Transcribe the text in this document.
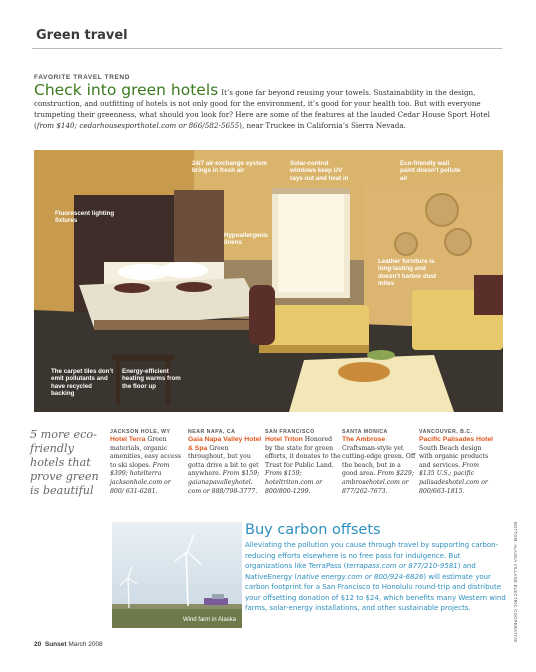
Green travel
FAVORITE TRAVEL TREND
Check into green hotels It’s gone far beyond reusing your towels. Sustainability in the design, construction, and outfitting of hotels is not only good for the environment, it’s good for your health too. But with everyone trumpeting their greenness, what should you look for? Here are some of the features at the lauded Cedar House Sport Hotel (from $140; cedarhousesporthotel.com or 866/582-5655), near Truckee in California’s Sierra Nevada.
24/7 air-exchange system brings in fresh air
Solar-control windows keep UV rays out and heat in
Eco-friendly wall paint doesn’t pollute air
Fluorescent lighting fixtures
Hypoallergenic linens
Leather furniture is long-lasting and doesn’t harbor dust mites
The carpet tiles don’t emit pollutants and have recycled backing
Energy-efficient heating warms from the floor up
5 more eco-friendly hotels that prove green is beautiful
JACKSON HOLE, WY
Hotel Terra Green materials, organic amenities, easy access to ski slopes. From $399; hotelterra jacksonhole.com or 800/ 631-6281.
NEAR NAPA, CA
Gaia Napa Valley Hotel & Spa Green throughout, but you gotta drive a bit to get anywhere. From $159; gaianapavalleyhotel. com or 888/798-3777.
SAN FRANCISCO
Hotel Triton Honored by the state for green efforts, it donates to the Trust for Public Land. From $159; hoteltriton.com or 800/800-1299.
SANTA MONICA
The Ambrose Craftsman-style yet cutting-edge green. Off the beach, but in a good area. From $229; ambrosehotel.com or 877/262-7673.
VANCOUVER, B.C.
Pacific Palisades Hotel South Beach design with organic products and services. From $135 U.S.; pacific palisadeshotel.com or 800/663-1815.
Wind farm in Alaska
Buy carbon offsets
Alleviating the pollution you cause through travel by supporting carbon-reducing efforts elsewhere is no free pass for indulgence. But organizations like TerraPass (terrapass.com or 877/210-9581) and NativeEnergy (native energy.com or 800/924-6826) will estimate your carbon footprint for a San Francisco to Honolulu round-trip and distribute your offsetting donation of $12 to $24, which benefits many Western wind farms, solar-energy installations, and other sustainable projects.	BOTTOM: ALASKA VILLAGE ELECTRIC COOPERATIVE
20 Sunset March 2008
